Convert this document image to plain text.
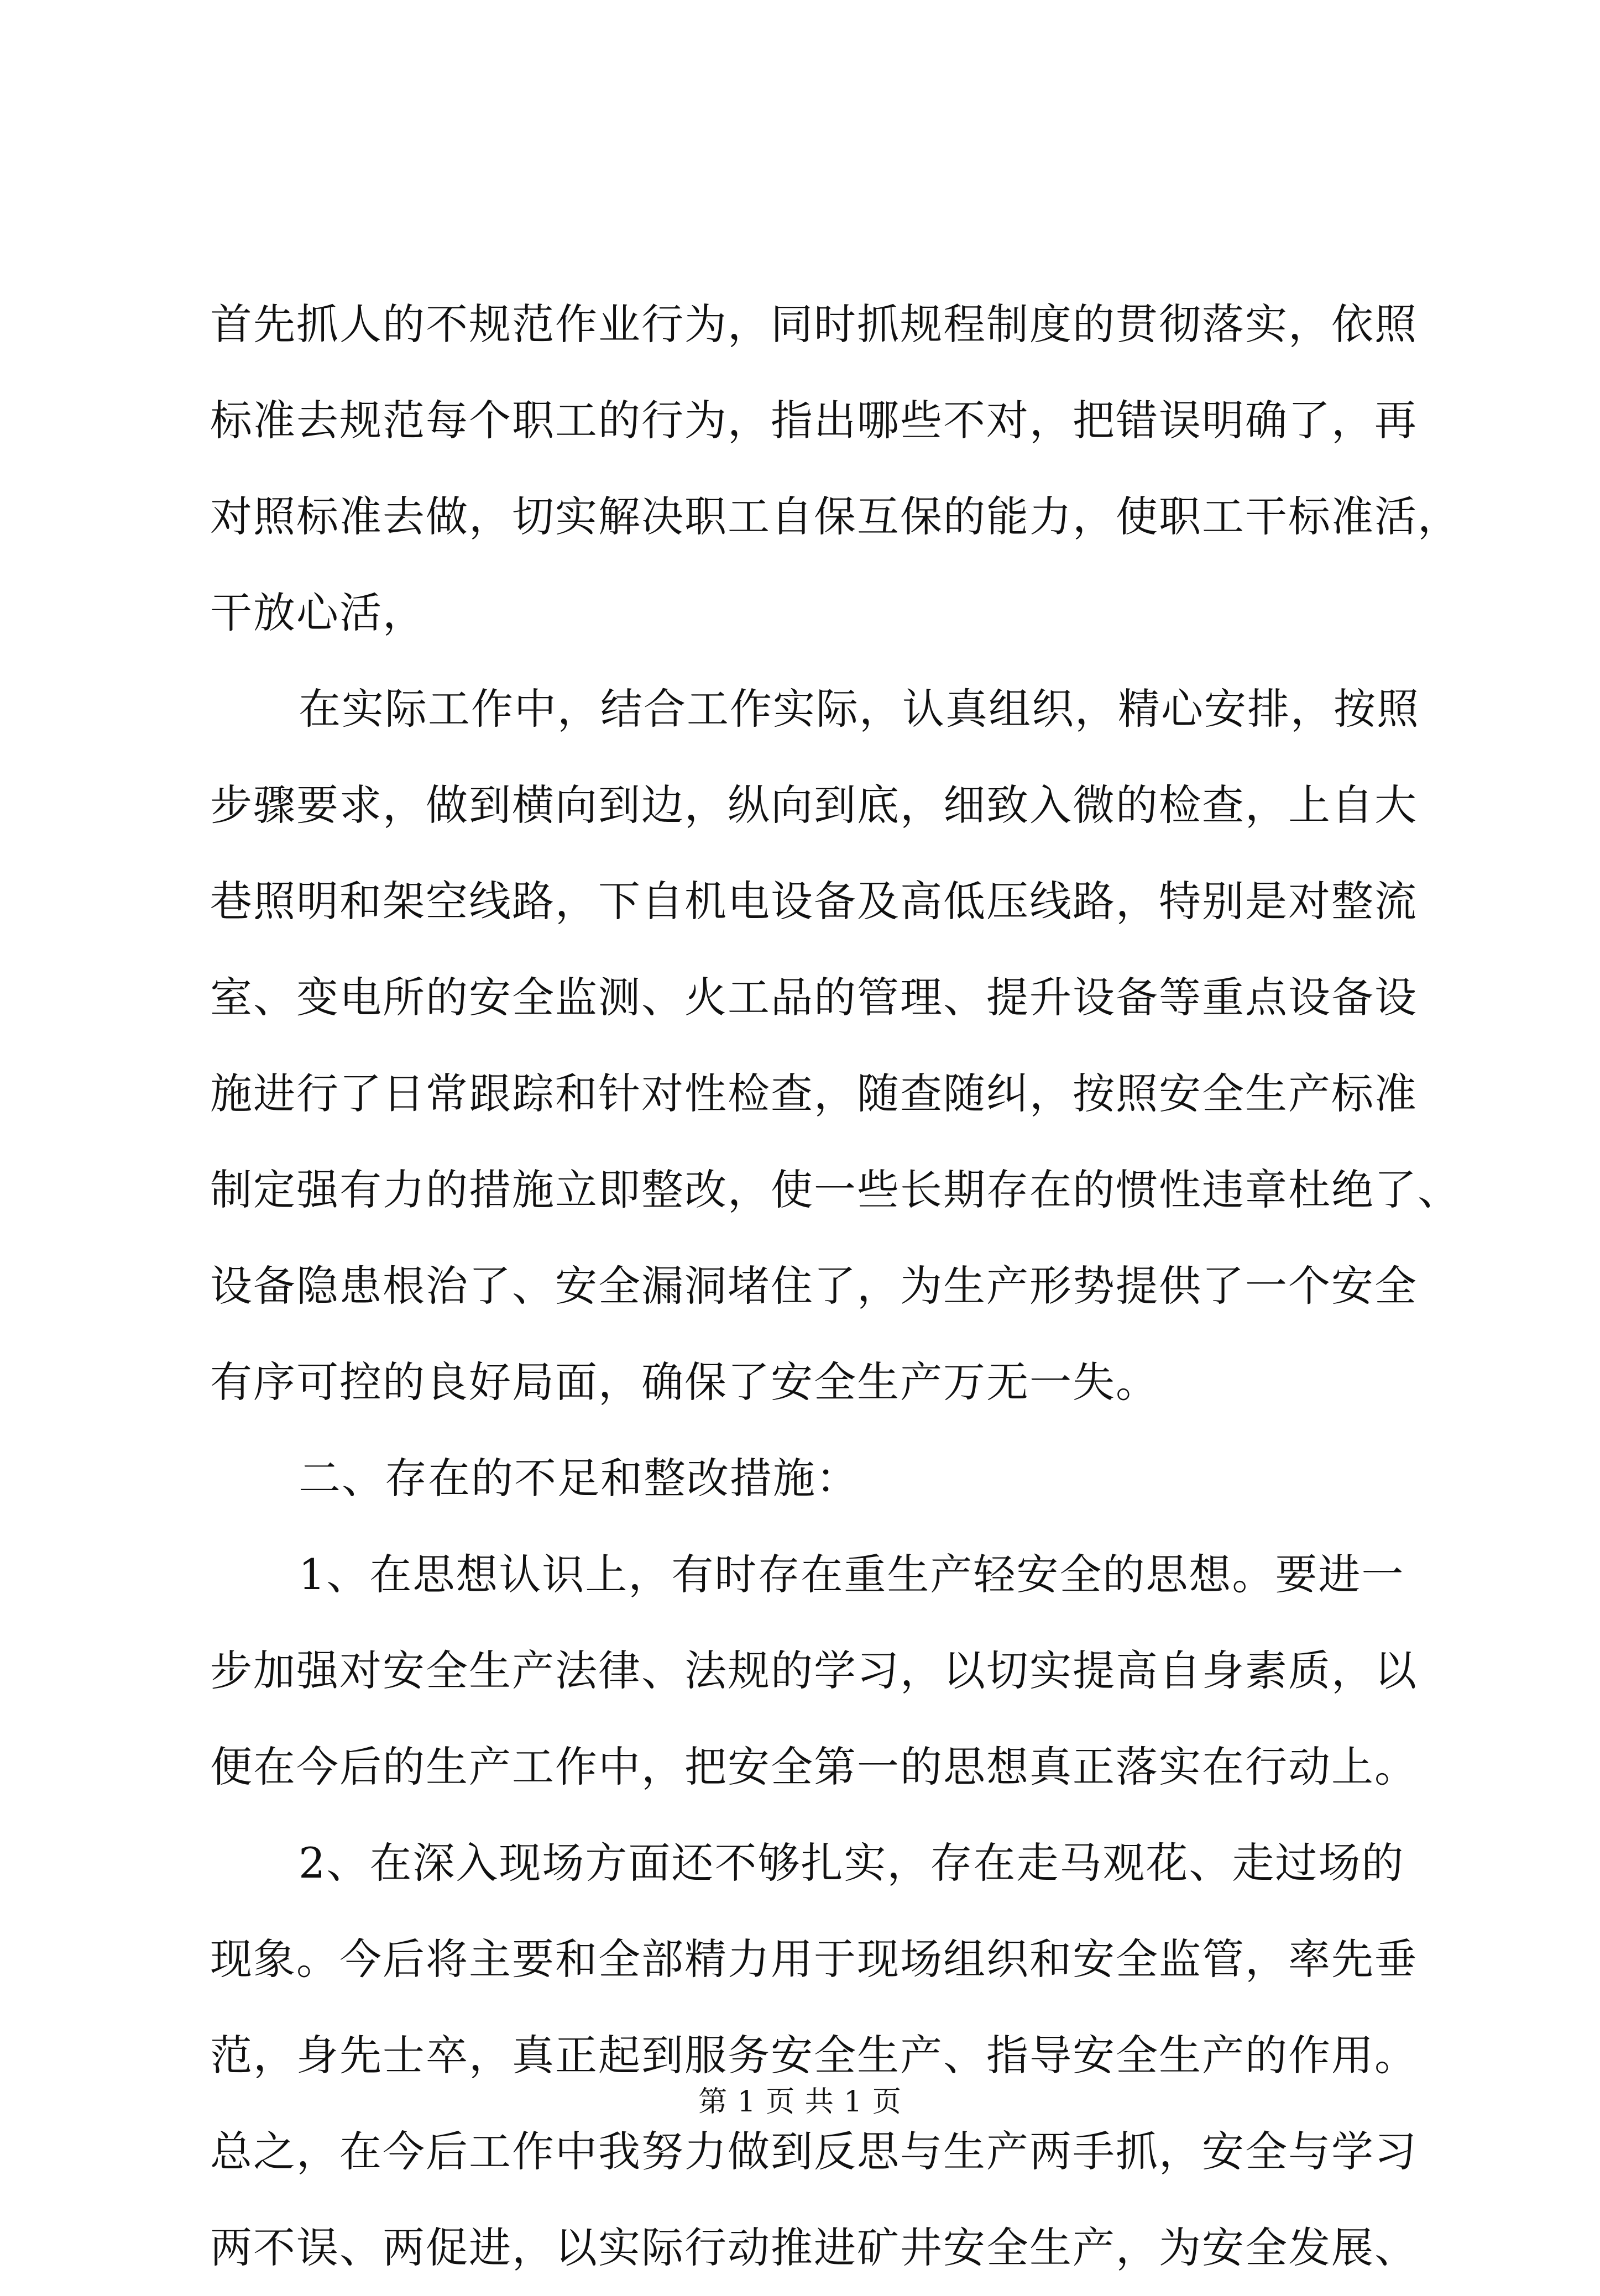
首先抓人的不规范作业行为，同时抓规程制度的贯彻落实，依照
标准去规范每个职工的行为，指出哪些不对，把错误明确了，再
对照标准去做，切实解决职工自保互保的能力，使职工干标准活，
干放心活，
在实际工作中，结合工作实际，认真组织，精心安排，按照
步骤要求，做到横向到边，纵向到底，细致入微的检查，上自大
巷照明和架空线路，下自机电设备及高低压线路，特别是对整流
室、变电所的安全监测、火工品的管理、提升设备等重点设备设
施进行了日常跟踪和针对性检查，随查随纠，按照安全生产标准
制定强有力的措施立即整改，使一些长期存在的惯性违章杜绝了、
设备隐患根治了、安全漏洞堵住了，为生产形势提供了一个安全
有序可控的良好局面，确保了安全生产万无一失。
二、存在的不足和整改措施：
1、在思想认识上，有时存在重生产轻安全的思想。要进一
步加强对安全生产法律、法规的学习，以切实提高自身素质，以
便在今后的生产工作中，把安全第一的思想真正落实在行动上。
2、在深入现场方面还不够扎实，存在走马观花、走过场的
现象。今后将主要和全部精力用于现场组织和安全监管，率先垂
范，身先士卒，真正起到服务安全生产、指导安全生产的作用。
总之，在今后工作中我努力做到反思与生产两手抓，安全与学习
两不误、两促进，以实际行动推进矿井安全生产，为安全发展、
第 1 页 共 1 页
